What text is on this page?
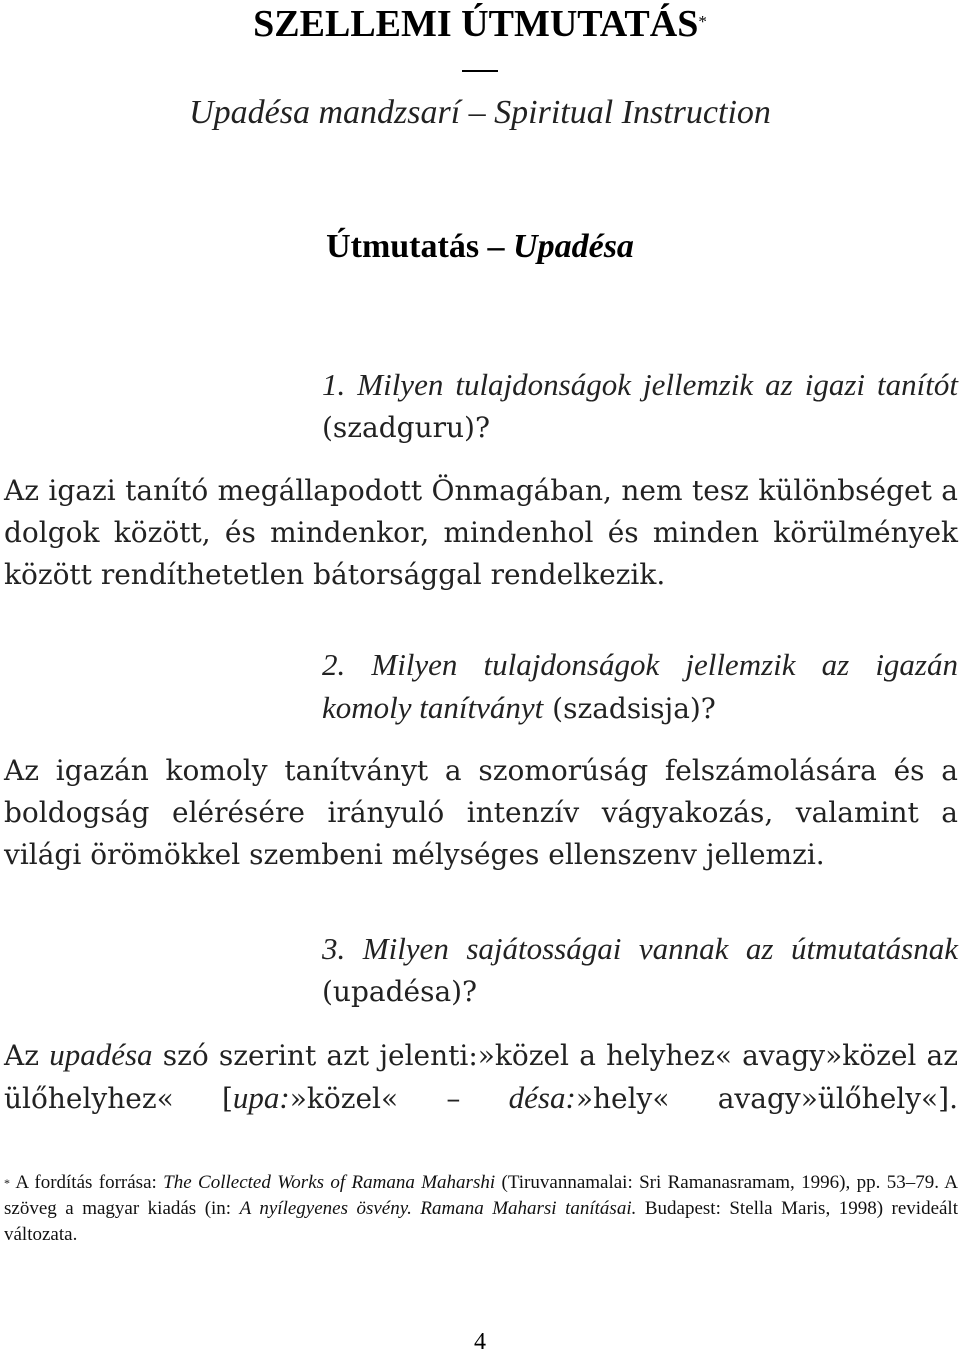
SZELLEMI ÚTMUTATÁS*
Upadésa mandzsarí – Spiritual Instruction
Útmutatás – Upadésa
1. Milyen tulajdonságok jellemzik az igazi tanítót (szadguru)?

Az igazi tanító megállapodott Önmagában, nem tesz különbséget a dolgok között, és mindenkor, mindenhol és minden körülmények között rendíthetetlen bátorsággal rendelkezik.

2. Milyen tulajdonságok jellemzik az igazán komoly tanítványt (szadsisja)?

Az igazán komoly tanítványt a szomorúság felszámolására és a boldogság elérésére irányuló intenzív vágyakozás, valamint a világi örömökkel szembeni mélységes ellenszenv jellemzi.

3. Milyen sajátosságai vannak az útmutatásnak (upadésa)?

Az upadésa szó szerint azt jelenti:»közel a helyhez« avagy»közel az ülőhelyhez« [upa:»közel« – désa:»hely« avagy»ülőhely«].

* A fordítás forrása: The Collected Works of Ramana Maharshi (Tiruvannamalai: Sri Ramanasramam, 1996), pp. 53–79. A szöveg a magyar kiadás (in: A nyílegyenes ösvény. Ramana Maharsi tanításai. Budapest: Stella Maris, 1998) revideált változata.
4
